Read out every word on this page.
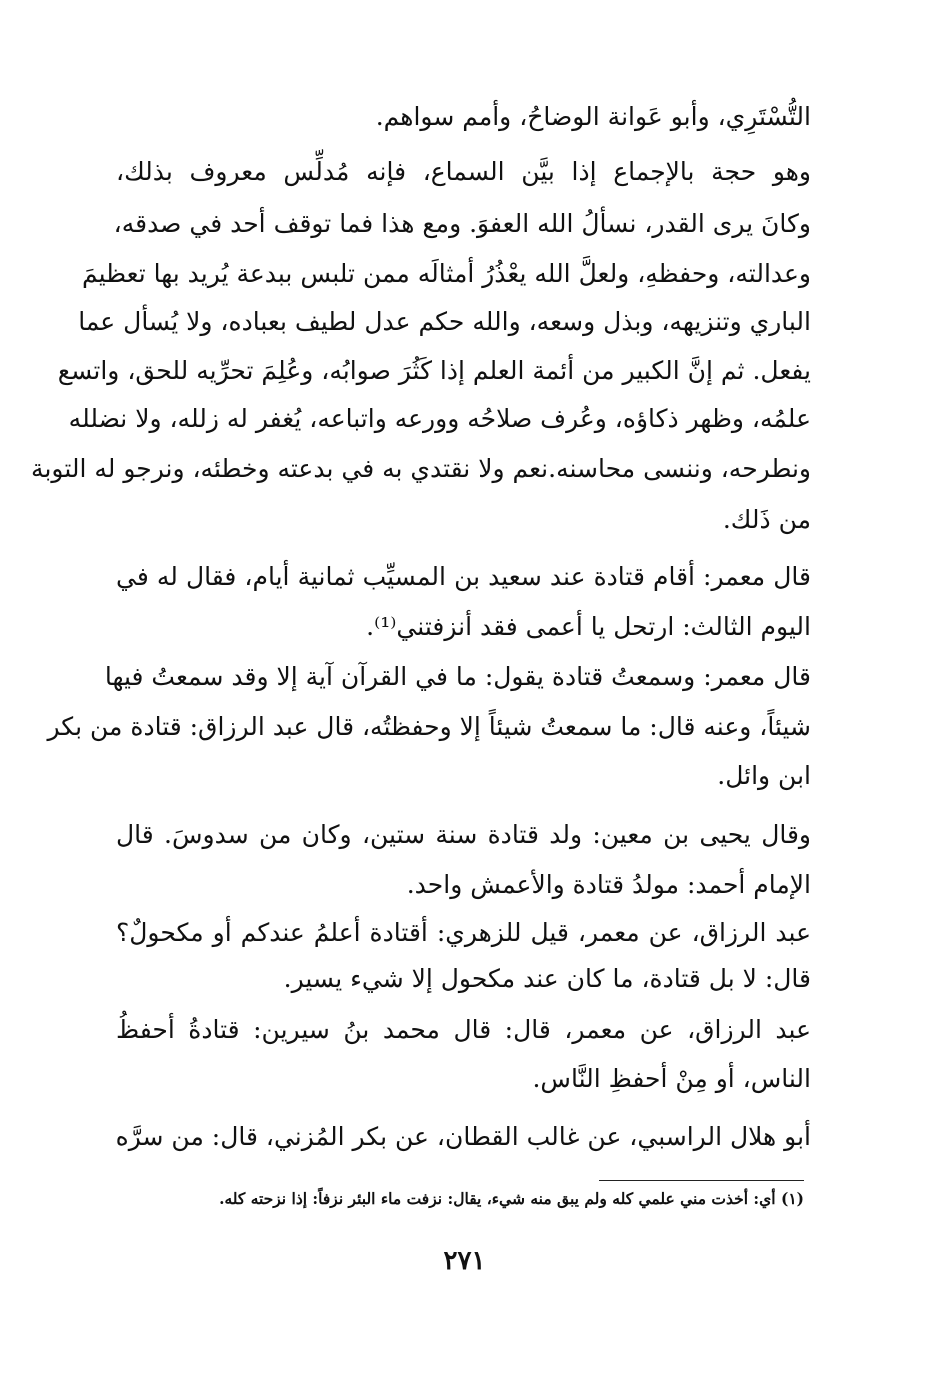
التُّسْتَرِي، وأبو عَوانة الوضاحُ، وأمم سواهم.
وهو حجة بالإجماع إذا بيَّن السماع، فإنه مُدلِّس معروف بذلك،
وكانَ يرى القدر، نسألُ الله العفوَ. ومع هذا فما توقف أحد في صدقه،
وعدالته، وحفظهِ، ولعلَّ الله يعْذُرُ أمثالَه ممن تلبس ببدعة يُريد بها تعظيمَ
الباري وتنزيهه، وبذل وسعه، والله حكم عدل لطيف بعباده، ولا يُسأل عما
يفعل. ثم إنَّ الكبير من أئمة العلم إذا كَثُرَ صوابُه، وعُلِمَ تحرِّيه للحق، واتسع
علمُه، وظهر ذكاؤه، وعُرف صلاحُه وورعه واتباعه، يُغفر له زلله، ولا نضلله
ونطرحه، وننسى محاسنه.نعم ولا نقتدي به في بدعته وخطئه، ونرجو له التوبة
من ذَلك.
قال معمر: أقام قتادة عند سعيد بن المسيِّب ثمانية أيام، فقال له في
اليوم الثالث: ارتحل يا أعمى فقد أنزفتني⁽¹⁾.
قال معمر: وسمعتُ قتادة يقول: ما في القرآن آية إلا وقد سمعتُ فيها
شيئاً، وعنه قال: ما سمعتُ شيئاً إلا وحفظتُه، قال عبد الرزاق: قتادة من بكر
ابن وائل.
وقال يحيى بن معين: ولد قتادة سنة ستين، وكان من سدوسَ. قال
الإمام أحمد: مولدُ قتادة والأعمش واحد.
عبد الرزاق، عن معمر، قيل للزهري: أقتادة أعلمُ عندكم أو مكحولٌ؟
قال: لا بل قتادة، ما كان عند مكحول إلا شيء يسير.
عبد الرزاق، عن معمر، قال: قال محمد بنُ سيرين: قتادةُ أحفظُ
الناس، أو مِنْ أحفظِ النَّاس.
أبو هلال الراسبي، عن غالب القطان، عن بكر المُزني، قال: من سرَّه
(١) أي: أخذت مني علمي كله ولم يبق منه شيء، يقال: نزفت ماء البئر نزفاً: إذا نزحته كله.
٢٧١
